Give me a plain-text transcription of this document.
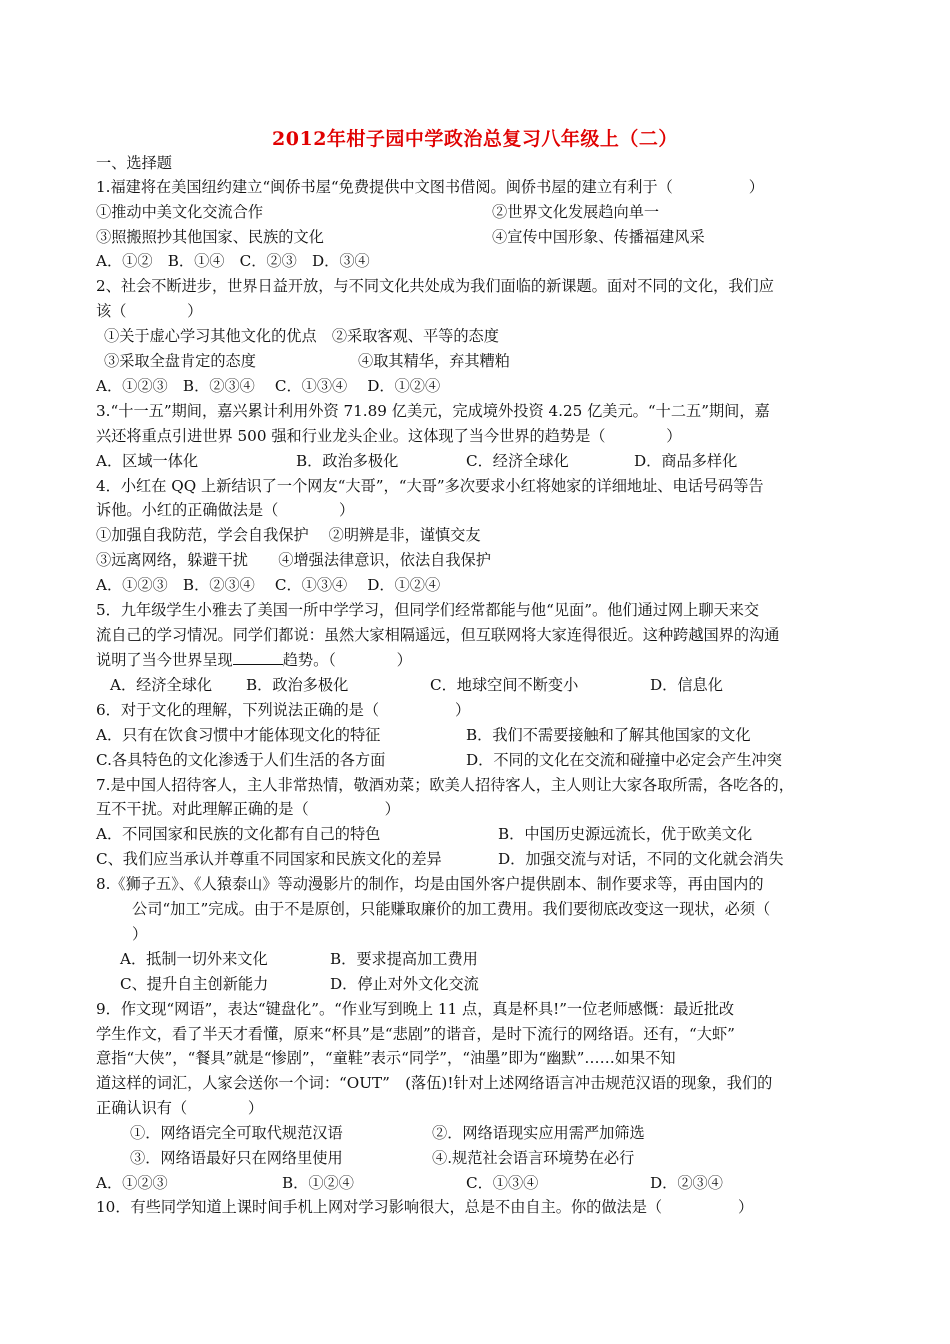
2012年柑子园中学政治总复习八年级上（二）
一、选择题
1.福建将在美国纽约建立“闽侨书屋“免费提供中文图书借阅。闽侨书屋的建立有利于（　　　　　）
①推动中美文化交流合作	②世界文化发展趋向单一
③照搬照抄其他国家、民族的文化	④宣传中国形象、传播福建风采
A．①②　B．①④　C．②③　D．③④
2、社会不断进步，世界日益开放，与不同文化共处成为我们面临的新课题。面对不同的文化，我们应
该（　　　　）
①关于虚心学习其他文化的优点　②采取客观、平等的态度
③采取全盘肯定的态度	④取其精华，弃其糟粕
A．①②③　B．②③④　 C．①③④　 D．①②④
3.“十一五”期间，嘉兴累计利用外资 71.89 亿美元，完成境外投资 4.25 亿美元。“十二五”期间，嘉
兴还将重点引进世界 500 强和行业龙头企业。这体现了当今世界的趋势是（　　　　）
A．区域一体化	B．政治多极化	C．经济全球化	D．商品多样化
4．小红在 QQ 上新结识了一个网友“大哥”，“大哥”多次要求小红将她家的详细地址、电话号码等告
诉他。小红的正确做法是（　　　　）
①加强自我防范，学会自我保护　 ②明辨是非，谨慎交友
③远离网络，躲避干扰　　④增强法律意识，依法自我保护
A．①②③　B．②③④　 C．①③④　 D．①②④
5．九年级学生小雅去了美国一所中学学习，但同学们经常都能与他“见面”。他们通过网上聊天来交
流自己的学习情况。同学们都说：虽然大家相隔遥远，但互联网将大家连得很近。这种跨越国界的沟通
说明了当今世界呈现	趋势。（　　　　）
A．经济全球化 B．政治多极化	C．地球空间不断变小	D．信息化
6．对于文化的理解，下列说法正确的是（　　　　　）
A．只有在饮食习惯中才能体现文化的特征	B．我们不需要接触和了解其他国家的文化
C.各具特色的文化渗透于人们生活的各方面	D．不同的文化在交流和碰撞中必定会产生冲突
7.是中国人招待客人，主人非常热情，敬酒劝菜；欧美人招待客人，主人则让大家各取所需，各吃各的，
互不干扰。对此理解正确的是（　　　　　）
A．不同国家和民族的文化都有自己的特色	B．中国历史源远流长，优于欧美文化
C、我们应当承认并尊重不同国家和民族文化的差异	D．加强交流与对话，不同的文化就会消失
8.《狮子五》、《人猿泰山》等动漫影片的制作，均是由国外客户提供剧本、制作要求等，再由国内的
公司“加工”完成。由于不是原创，只能赚取廉价的加工费用。我们要彻底改变这一现状，必须（
）
A．抵制一切外来文化	B．要求提高加工费用
C、提升自主创新能力	D．停止对外文化交流
9．作文现“网语”，表达“键盘化”。“作业写到晚上 11 点，真是杯具!”一位老师感慨：最近批改
学生作文，看了半天才看懂，原来“杯具”是“悲剧”的谐音，是时下流行的网络语。还有，“大虾”
意指“大侠”，“餐具”就是“惨剧”，“童鞋”表示“同学”，“油墨”即为“幽默”……如果不知
道这样的词汇，人家会送你一个词：“OUT”　(落伍)!针对上述网络语言冲击规范汉语的现象，我们的
正确认识有（　　　　）
①．网络语完全可取代规范汉语	②．网络语现实应用需严加筛选
③．网络语最好只在网络里使用	④.规范社会语言环境势在必行
A．①②③	B．①②④	C．①③④	D．②③④
10．有些同学知道上课时间手机上网对学习影响很大，总是不由自主。你的做法是（　　　　　）
